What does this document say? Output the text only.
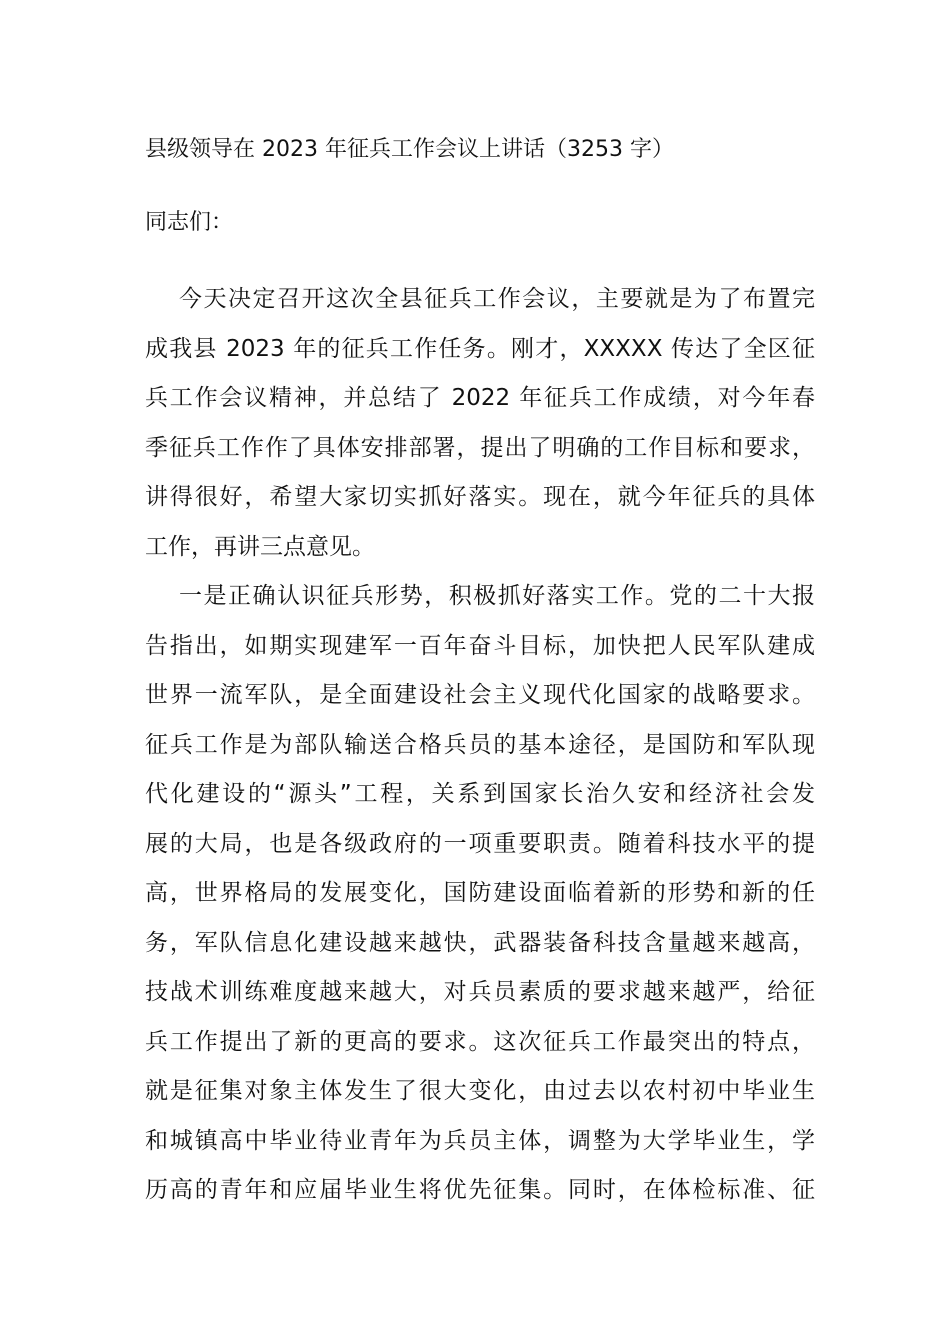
县级领导在 2023 年征兵工作会议上讲话（3253 字）
同志们：
今天决定召开这次全县征兵工作会议，主要就是为了布置完
成我县 2023 年的征兵工作任务。刚才，XXXXX 传达了全区征
兵工作会议精神，并总结了 2022 年征兵工作成绩，对今年春
季征兵工作作了具体安排部署，提出了明确的工作目标和要求，
讲得很好，希望大家切实抓好落实。现在，就今年征兵的具体
工作，再讲三点意见。
一是正确认识征兵形势，积极抓好落实工作。党的二十大报
告指出，如期实现建军一百年奋斗目标，加快把人民军队建成
世界一流军队，是全面建设社会主义现代化国家的战略要求。
征兵工作是为部队输送合格兵员的基本途径，是国防和军队现
代化建设的“源头”工程，关系到国家长治久安和经济社会发
展的大局，也是各级政府的一项重要职责。随着科技水平的提
高，世界格局的发展变化，国防建设面临着新的形势和新的任
务，军队信息化建设越来越快，武器装备科技含量越来越高，
技战术训练难度越来越大，对兵员素质的要求越来越严，给征
兵工作提出了新的更高的要求。这次征兵工作最突出的特点，
就是征集对象主体发生了很大变化，由过去以农村初中毕业生
和城镇高中毕业待业青年为兵员主体，调整为大学毕业生，学
历高的青年和应届毕业生将优先征集。同时，在体检标准、征
